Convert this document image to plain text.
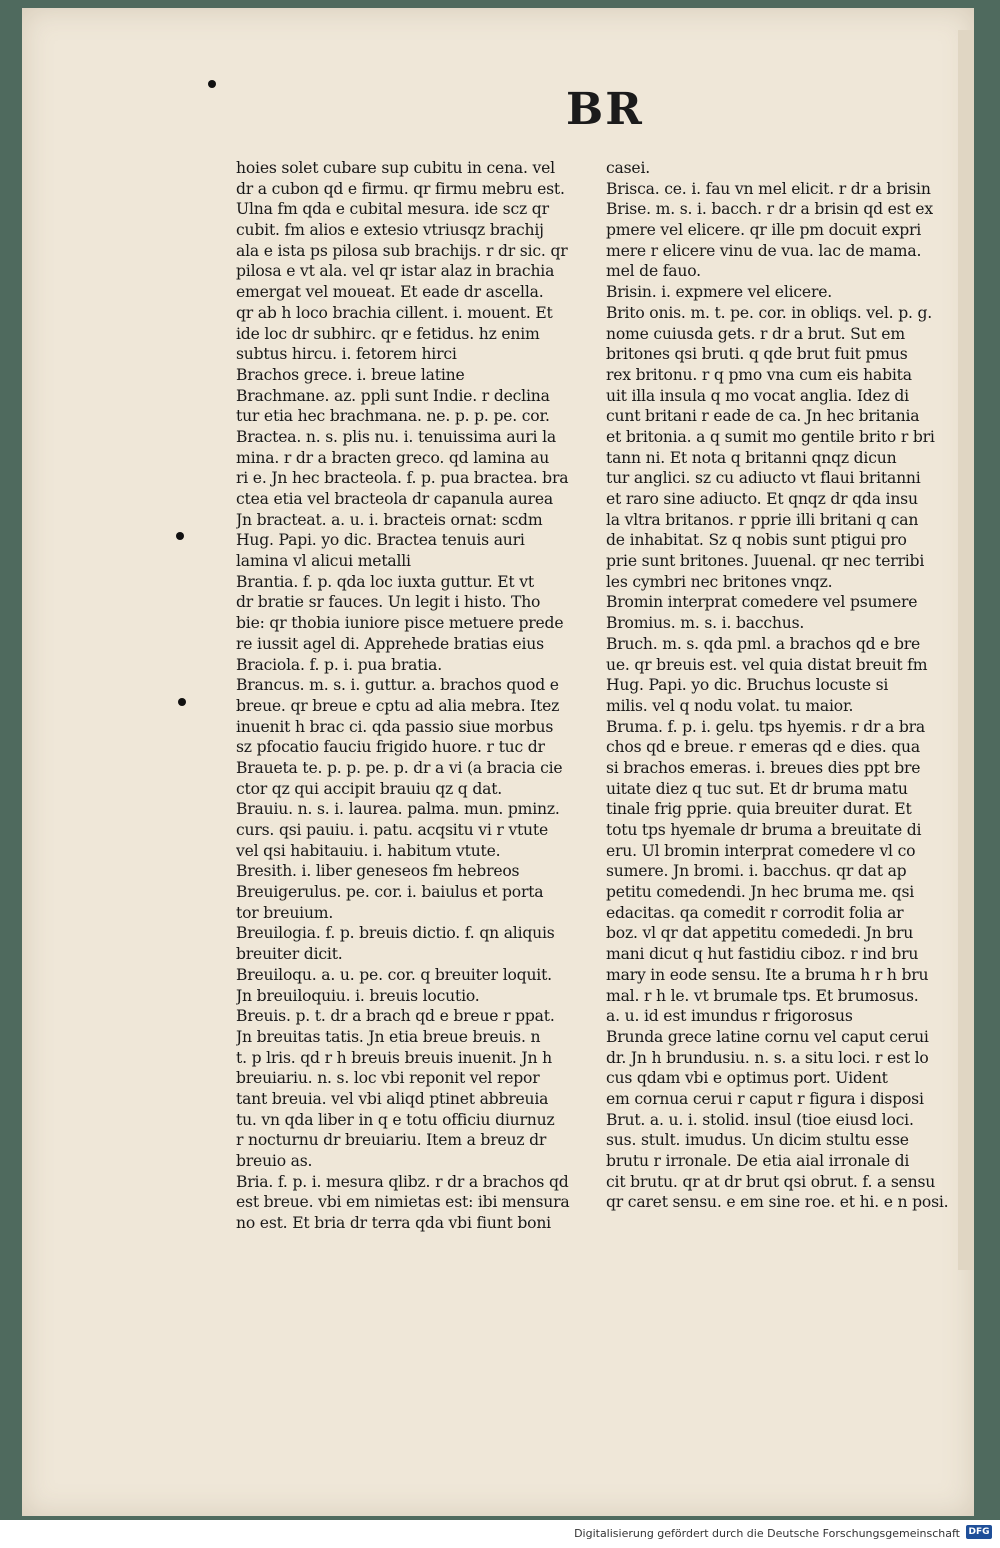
BR
hoies solet cubare sup cubitu in cena. vel
dr a cubon qd e firmu. qr firmu mebru est.
Ulna fm qda e cubital mesura. ide scz qr
cubit. fm alios e extesio vtriusqz brachij
ala e ista ps pilosa sub brachijs. r dr sic. qr
pilosa e vt ala. vel qr istar alaz in brachia
emergat vel moueat. Et eade dr ascella.
qr ab h loco brachia cillent. i. mouent. Et
ide loc dr subhirc. qr e fetidus. hz enim
subtus hircu. i. fetorem hirci
Brachos grece. i. breue latine
Brachmane. az. ppli sunt Indie. r declina
tur etia hec brachmana. ne. p. p. pe. cor.
Bractea. n. s. plis nu. i. tenuissima auri la
mina. r dr a bracten greco. qd lamina au
ri e. Jn hec bracteola. f. p. pua bractea. bra
ctea etia vel bracteola dr capanula aurea
Jn bracteat. a. u. i. bracteis ornat: scdm
Hug. Papi. yo dic. Bractea tenuis auri
lamina vl alicui metalli
Brantia. f. p. qda loc iuxta guttur. Et vt
dr bratie sr fauces. Un legit i histo. Tho
bie: qr thobia iuniore pisce metuere prede
re iussit agel di. Apprehede bratias eius
Braciola. f. p. i. pua bratia.
Brancus. m. s. i. guttur. a. brachos quod e
breue. qr breue e cptu ad alia mebra. Itez
inuenit h brac ci. qda passio siue morbus
sz pfocatio fauciu frigido huore. r tuc dr
Braueta te. p. p. pe. p. dr a vi (a bracia cie
ctor qz qui accipit brauiu qz q dat.
Brauiu. n. s. i. laurea. palma. mun. pminz.
curs. qsi pauiu. i. patu. acqsitu vi r vtute
vel qsi habitauiu. i. habitum vtute.
Bresith. i. liber geneseos fm hebreos
Breuigerulus. pe. cor. i. baiulus et porta
tor breuium.
Breuilogia. f. p. breuis dictio. f. qn aliquis
breuiter dicit.
Breuiloqu. a. u. pe. cor. q breuiter loquit.
Jn breuiloquiu. i. breuis locutio.
Breuis. p. t. dr a brach qd e breue r ppat.
Jn breuitas tatis. Jn etia breue breuis. n
t. p lris. qd r h breuis breuis inuenit. Jn h
breuiariu. n. s. loc vbi reponit vel repor
tant breuia. vel vbi aliqd ptinet abbreuia
tu. vn qda liber in q e totu officiu diurnuz
r nocturnu dr breuiariu. Item a breuz dr
breuio as.
Bria. f. p. i. mesura qlibz. r dr a brachos qd
est breue. vbi em nimietas est: ibi mensura
no est. Et bria dr terra qda vbi fiunt boni
casei.
Brisca. ce. i. fau vn mel elicit. r dr a brisin
Brise. m. s. i. bacch. r dr a brisin qd est ex
pmere vel elicere. qr ille pm docuit expri
mere r elicere vinu de vua. lac de mama.
mel de fauo.
Brisin. i. expmere vel elicere.
Brito onis. m. t. pe. cor. in obliqs. vel. p. g.
nome cuiusda gets. r dr a brut. Sut em
britones qsi bruti. q qde brut fuit pmus
rex britonu. r q pmo vna cum eis habita
uit illa insula q mo vocat anglia. Idez di
cunt britani r eade de ca. Jn hec britania
et britonia. a q sumit mo gentile brito r bri
tann ni. Et nota q britanni qnqz dicun
tur anglici. sz cu adiucto vt flaui britanni
et raro sine adiucto. Et qnqz dr qda insu
la vltra britanos. r pprie illi britani q can
de inhabitat. Sz q nobis sunt ptigui pro
prie sunt britones. Juuenal. qr nec terribi
les cymbri nec britones vnqz.
Bromin interprat comedere vel psumere
Bromius. m. s. i. bacchus.
Bruch. m. s. qda pml. a brachos qd e bre
ue. qr breuis est. vel quia distat breuit fm
Hug. Papi. yo dic. Bruchus locuste si
milis. vel q nodu volat. tu maior.
Bruma. f. p. i. gelu. tps hyemis. r dr a bra
chos qd e breue. r emeras qd e dies. qua
si brachos emeras. i. breues dies ppt bre
uitate diez q tuc sut. Et dr bruma matu
tinale frig pprie. quia breuiter durat. Et
totu tps hyemale dr bruma a breuitate di
eru. Ul bromin interprat comedere vl co
sumere. Jn bromi. i. bacchus. qr dat ap
petitu comedendi. Jn hec bruma me. qsi
edacitas. qa comedit r corrodit folia ar
boz. vl qr dat appetitu comededi. Jn bru
mani dicut q hut fastidiu ciboz. r ind bru
mary in eode sensu. Ite a bruma h r h bru
mal. r h le. vt brumale tps. Et brumosus.
a. u. id est imundus r frigorosus
Brunda grece latine cornu vel caput cerui
dr. Jn h brundusiu. n. s. a situ loci. r est lo
cus qdam vbi e optimus port. Uident
em cornua cerui r caput r figura i disposi
Brut. a. u. i. stolid. insul (tioe eiusd loci.
sus. stult. imudus. Un dicim stultu esse
brutu r irronale. De etia aial irronale di
cit brutu. qr at dr brut qsi obrut. f. a sensu
qr caret sensu. e em sine roe. et hi. e n posi.
Digitalisierung gefördert durch die Deutsche Forschungsgemeinschaft DFG
